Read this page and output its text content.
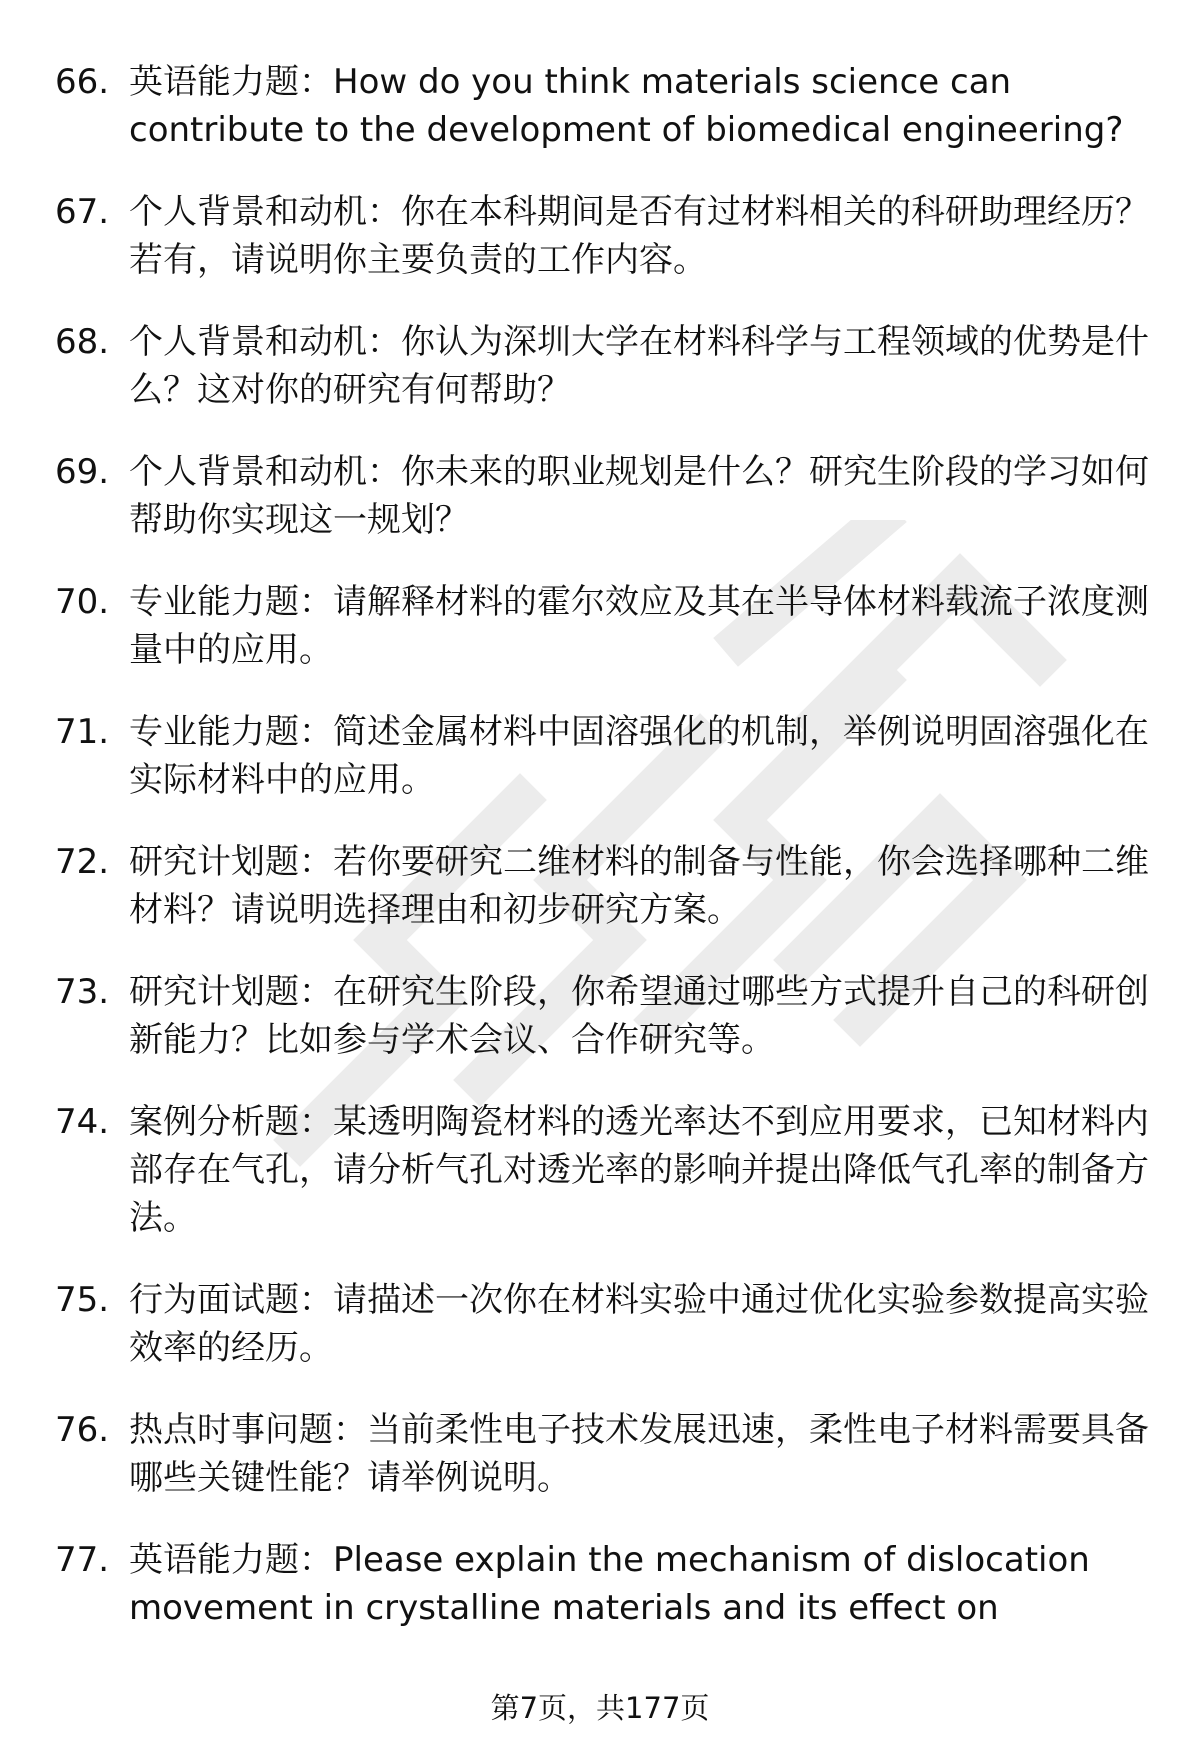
66. 英语能力题：How do you think materials science can contribute to the development of biomedical engineering?
67. 个人背景和动机：你在本科期间是否有过材料相关的科研助理经历？若有，请说明你主要负责的工作内容。
68. 个人背景和动机：你认为深圳大学在材料科学与工程领域的优势是什么？这对你的研究有何帮助？
69. 个人背景和动机：你未来的职业规划是什么？研究生阶段的学习如何帮助你实现这一规划？
70. 专业能力题：请解释材料的霍尔效应及其在半导体材料载流子浓度测量中的应用。
71. 专业能力题：简述金属材料中固溶强化的机制，举例说明固溶强化在实际材料中的应用。
72. 研究计划题：若你要研究二维材料的制备与性能，你会选择哪种二维材料？请说明选择理由和初步研究方案。
73. 研究计划题：在研究生阶段，你希望通过哪些方式提升自己的科研创新能力？比如参与学术会议、合作研究等。
74. 案例分析题：某透明陶瓷材料的透光率达不到应用要求，已知材料内部存在气孔，请分析气孔对透光率的影响并提出降低气孔率的制备方法。
75. 行为面试题：请描述一次你在材料实验中通过优化实验参数提高实验效率的经历。
76. 热点时事问题：当前柔性电子技术发展迅速，柔性电子材料需要具备哪些关键性能？请举例说明。
77. 英语能力题：Please explain the mechanism of dislocation movement in crystalline materials and its effect on
第7页，共177页
